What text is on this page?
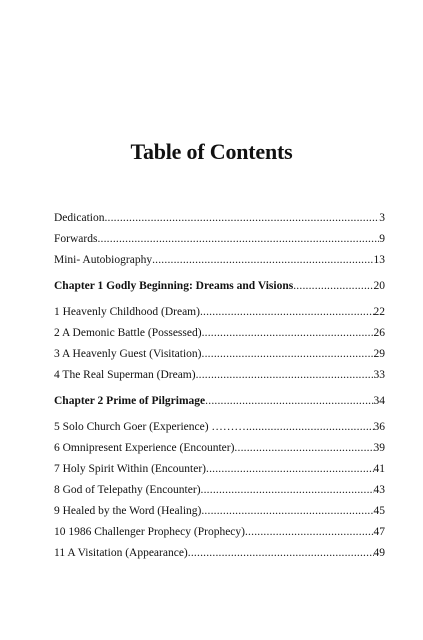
Table of Contents
Dedication .....	3
Forwards .....	9
Mini- Autobiography .....	13
Chapter 1 Godly Beginning: Dreams and Visions .....	20
1 Heavenly Childhood (Dream) .....	22
2 A Demonic Battle (Possessed) .....	26
3 A Heavenly Guest (Visitation) .....	29
4 The Real Superman (Dream) .....	33
Chapter 2 Prime of Pilgrimage .....	34
5 Solo Church Goer (Experience) ……… .....	36
6 Omnipresent Experience (Encounter) .....	39
7 Holy Spirit Within (Encounter) .....	41
8 God of Telepathy (Encounter) .....	43
9 Healed by the Word (Healing) .....	45
10 1986 Challenger Prophecy (Prophecy) .....	47
11 A Visitation (Appearance) .....	49
